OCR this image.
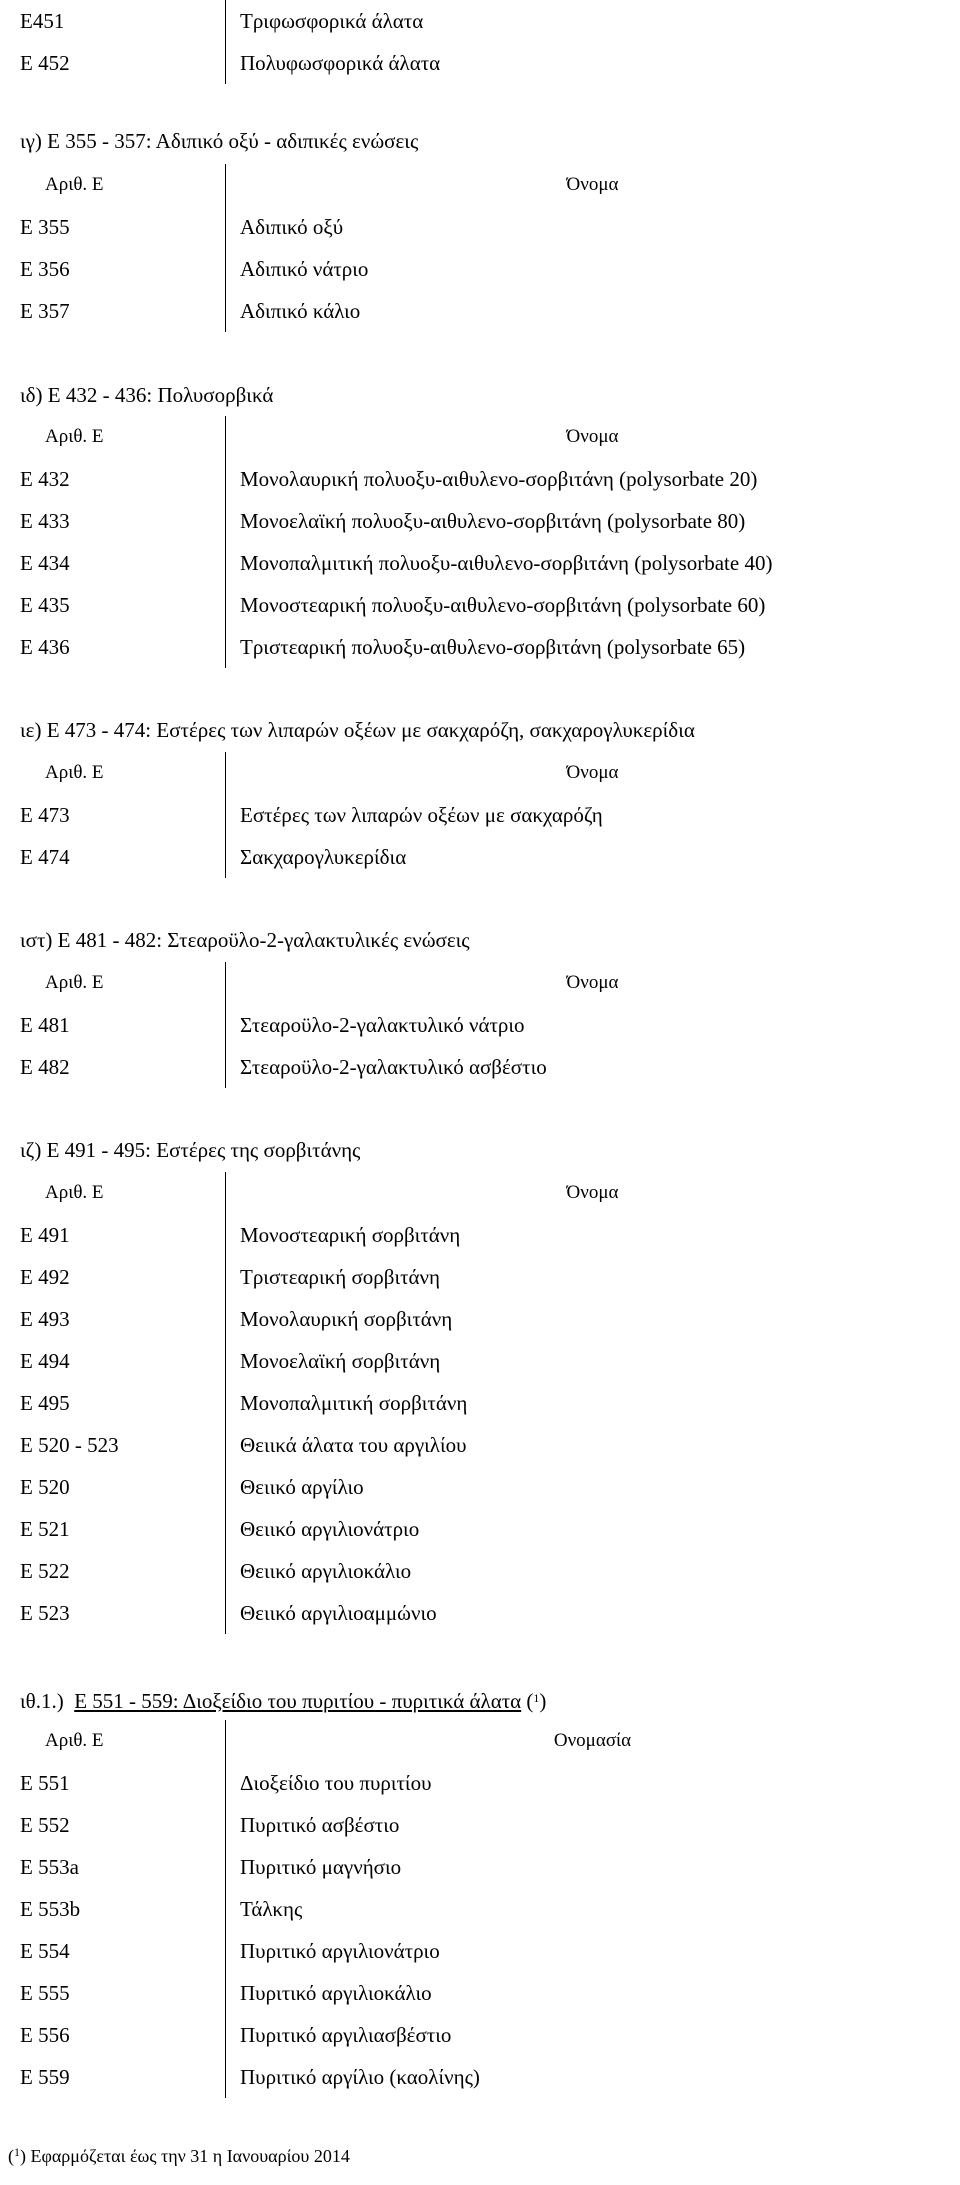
E451	Τριφωσφορικά άλατα
Ε 452	Πολυφωσφορικά άλατα
ιγ) Ε 355 - 357: Αδιπικό οξύ - αδιπικές ενώσεις
Αριθ. Ε	Όνομα
Ε 355	Αδιπικό οξύ
Ε 356	Αδιπικό νάτριο
Ε 357	Αδιπικό κάλιο
ιδ) Ε 432 - 436: Πολυσορβικά
Αριθ. Ε	Όνομα
Ε 432	Μονολαυρική πολυοξυ-αιθυλενο-σορβιτάνη (polysorbate 20)
Ε 433	Μονοελαϊκή πολυοξυ-αιθυλενο-σορβιτάνη (polysorbate 80)
Ε 434	Μονοπαλμιτική πολυοξυ-αιθυλενο-σορβιτάνη (polysorbate 40)
Ε 435	Μονοστεαρική πολυοξυ-αιθυλενο-σορβιτάνη (polysorbate 60)
Ε 436	Τριστεαρική πολυοξυ-αιθυλενο-σορβιτάνη (polysorbate 65)
ιε) Ε 473 - 474: Εστέρες των λιπαρών οξέων με σακχαρόζη, σακχαρογλυκερίδια
Αριθ. Ε	Όνομα
Ε 473	Εστέρες των λιπαρών οξέων με σακχαρόζη
Ε 474	Σακχαρογλυκερίδια
ιστ) Ε 481 - 482: Στεαροϋλο-2-γαλακτυλικές ενώσεις
Αριθ. Ε	Όνομα
Ε 481	Στεαροϋλο-2-γαλακτυλικό νάτριο
Ε 482	Στεαροϋλο-2-γαλακτυλικό ασβέστιο
ιζ) Ε 491 - 495: Εστέρες της σορβιτάνης
Αριθ. Ε	Όνομα
Ε 491	Μονοστεαρική σορβιτάνη
Ε 492	Τριστεαρική σορβιτάνη
Ε 493	Μονολαυρική σορβιτάνη
Ε 494	Μονοελαϊκή σορβιτάνη
Ε 495	Μονοπαλμιτική σορβιτάνη
Ε 520 - 523	Θειικά άλατα του αργιλίου
Ε 520	Θειικό αργίλιο
Ε 521	Θειικό αργιλιονάτριο
Ε 522	Θειικό αργιλιοκάλιο
Ε 523	Θειικό αργιλιοαμμώνιο
ιθ.1.)  Ε 551 - 559: Διοξείδιο του πυριτίου - πυριτικά άλατα ($^1$)
Αριθ. Ε	Ονομασία
Ε 551	Διοξείδιο του πυριτίου
Ε 552	Πυριτικό ασβέστιο
Ε 553a	Πυριτικό μαγνήσιο
Ε 553b	Τάλκης
Ε 554	Πυριτικό αργιλιονάτριο
Ε 555	Πυριτικό αργιλιοκάλιο
Ε 556	Πυριτικό αργιλιασβέστιο
Ε 559	Πυριτικό αργίλιο (καολίνης)
($^1$) Εφαρμόζεται έως την 31 η Ιανουαρίου 2014
